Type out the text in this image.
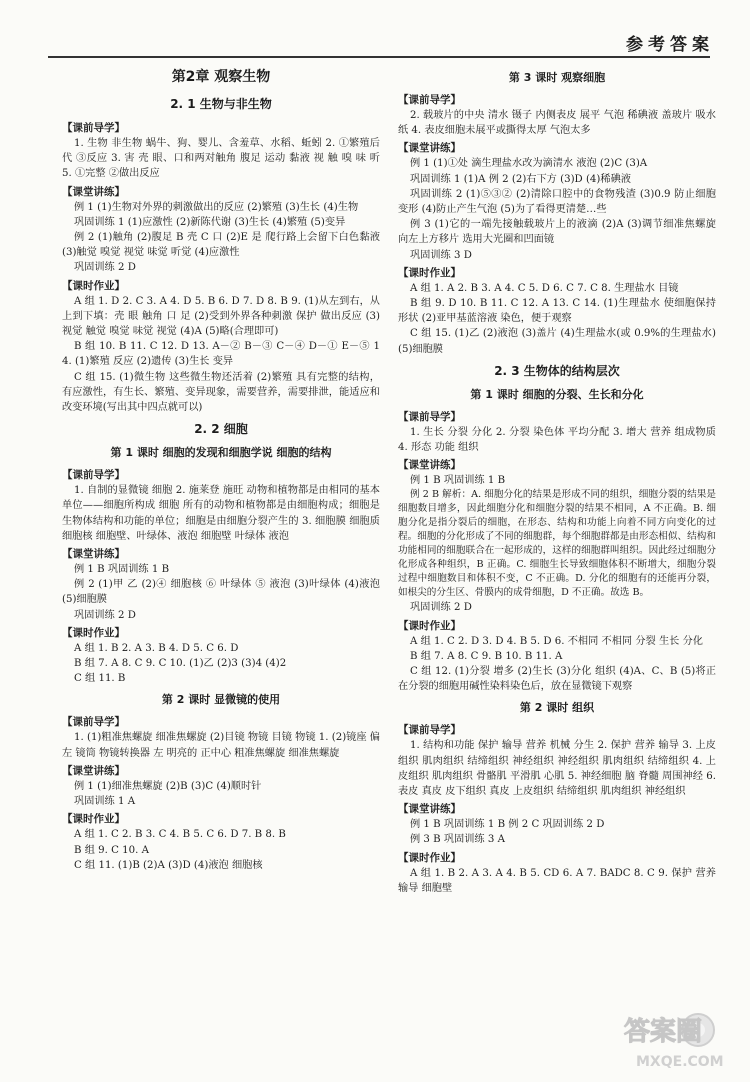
参考答案
第2章 观察生物
2. 1 生物与非生物
【课前导学】
1. 生物 非生物 蜗牛、狗、婴儿、含羞草、水稻、蚯蚓 2. ①繁殖后代 ③反应 3. 害 壳 眼、口和两对触角 腹足 运动 黏液 视 触 嗅 味 听 5. ①完整 ②做出反应
【课堂讲练】
例 1 (1)生物对外界的刺激做出的反应 (2)繁殖 (3)生长 (4)生物
巩固训练 1 (1)应激性 (2)新陈代谢 (3)生长 (4)繁殖 (5)变异
例 2 (1)触角 (2)腹足 B 壳 C 口 (2)E 是 爬行路上会留下白色黏液 (3)触觉 嗅觉 视觉 味觉 听觉 (4)应激性
巩固训练 2 D
【课时作业】
A 组 1. D 2. C 3. A 4. D 5. B 6. D 7. D 8. B 9. (1)从左到右，从上到下填：壳 眼 触角 口 足 (2)受到外界各种刺激 保护 做出反应 (3)视觉 触觉 嗅觉 味觉 视觉 (4)A (5)略(合理即可)
B 组 10. B 11. C 12. D 13. A－② B－③ C－④ D－① E－⑤ 14. (1)繁殖 反应 (2)遗传 (3)生长 变异
C 组 15. (1)微生物 这些微生物还活着 (2)繁殖 具有完整的结构，有应激性，有生长、繁殖、变异现象，需要营养，需要排泄，能适应和改变环境(写出其中四点就可以)
2. 2 细胞
第 1 课时 细胞的发现和细胞学说 细胞的结构
【课前导学】
1. 自制的显微镜 细胞 2. 施莱登 施旺 动物和植物都是由相同的基本单位——细胞所构成 细胞 所有的动物和植物都是由细胞构成；细胞是生物体结构和功能的单位；细胞是由细胞分裂产生的 3. 细胞膜 细胞质 细胞核 细胞壁、叶绿体、液泡 细胞壁 叶绿体 液泡
【课堂讲练】
例 1 B 巩固训练 1 B
例 2 (1)甲 乙 (2)④ 细胞核 ⑥ 叶绿体 ⑤ 液泡 (3)叶绿体 (4)液泡 (5)细胞膜
巩固训练 2 D
【课时作业】
A 组 1. B 2. A 3. B 4. D 5. C 6. D
B 组 7. A 8. C 9. C 10. (1)乙 (2)3 (3)4 (4)2
C 组 11. B
第 2 课时 显微镜的使用
【课前导学】
1. (1)粗准焦螺旋 细准焦螺旋 (2)目镜 物镜 目镜 物镜 1. (2)镜座 偏左 镜筒 物镜转换器 左 明亮的 正中心 粗准焦螺旋 细准焦螺旋
【课堂讲练】
例 1 (1)细准焦螺旋 (2)B (3)C (4)顺时针
巩固训练 1 A
【课时作业】
A 组 1. C 2. B 3. C 4. B 5. C 6. D 7. B 8. B
B 组 9. C 10. A
C 组 11. (1)B (2)A (3)D (4)液泡 细胞核
第 3 课时 观察细胞
【课前导学】
2. 载玻片的中央 清水 镊子 内侧表皮 展平 气泡 稀碘液 盖玻片 吸水纸 4. 表皮细胞未展平或撕得太厚 气泡太多
【课堂讲练】
例 1 (1)①处 滴生理盐水改为滴清水 液泡 (2)C (3)A
巩固训练 1 (1)A 例 2 (2)右下方 (3)D (4)稀碘液
巩固训练 2 (1)⑤③② (2)清除口腔中的食物残渣 (3)0.9 防止细胞变形 (4)防止产生气泡 (5)为了看得更清楚…些
例 3 (1)它的一端先接触载玻片上的液滴 (2)A (3)调节细准焦螺旋 向左上方移片 选用大光圈和凹面镜
巩固训练 3 D
【课时作业】
A 组 1. A 2. B 3. A 4. C 5. D 6. C 7. C 8. 生理盐水 目镜
B 组 9. D 10. B 11. C 12. A 13. C 14. (1)生理盐水 使细胞保持形状 (2)亚甲基蓝溶液 染色，便于观察
C 组 15. (1)乙 (2)液泡 (3)盖片 (4)生理盐水(或 0.9%的生理盐水) (5)细胞膜
2. 3 生物体的结构层次
第 1 课时 细胞的分裂、生长和分化
【课前导学】
1. 生长 分裂 分化 2. 分裂 染色体 平均分配 3. 增大 营养 组成物质 4. 形态 功能 组织
【课堂讲练】
例 1 B 巩固训练 1 B
例 2 B 解析：A. 细胞分化的结果是形成不同的组织，细胞分裂的结果是细胞数目增多，因此细胞分化和细胞分裂的结果不相同，A 不正确。B. 细胞分化是指分裂后的细胞，在形态、结构和功能上向着不同方向变化的过程。细胞的分化形成了不同的细胞群，每个细胞群都是由形态相似、结构和功能相同的细胞联合在一起形成的，这样的细胞群叫组织。因此经过细胞分化形成各种组织，B 正确。C. 细胞生长导致细胞体积不断增大，细胞分裂过程中细胞数目和体积不变，C 不正确。D. 分化的细胞有的还能再分裂，如根尖的分生区、骨膜内的成骨细胞，D 不正确。故选 B。
巩固训练 2 D
【课时作业】
A 组 1. C 2. D 3. D 4. B 5. D 6. 不相同 不相同 分裂 生长 分化
B 组 7. A 8. C 9. B 10. B 11. A
C 组 12. (1)分裂 增多 (2)生长 (3)分化 组织 (4)A、C、B (5)将正在分裂的细胞用碱性染料染色后，放在显微镜下观察
第 2 课时 组织
【课前导学】
1. 结构和功能 保护 输导 营养 机械 分生 2. 保护 营养 输导 3. 上皮组织 肌肉组织 结缔组织 神经组织 神经组织 肌肉组织 结缔组织 4. 上皮组织 肌肉组织 骨骼肌 平滑肌 心肌 5. 神经细胞 脑 脊髓 周围神经 6. 表皮 真皮 皮下组织 真皮 上皮组织 结缔组织 肌肉组织 神经组织
【课堂讲练】
例 1 B 巩固训练 1 B 例 2 C 巩固训练 2 D
例 3 B 巩固训练 3 A
【课时作业】
A 组 1. B 2. A 3. A 4. B 5. CD 6. A 7. BADC 8. C 9. 保护 营养 输导 细胞壁
答案圈
MXQE.COM
